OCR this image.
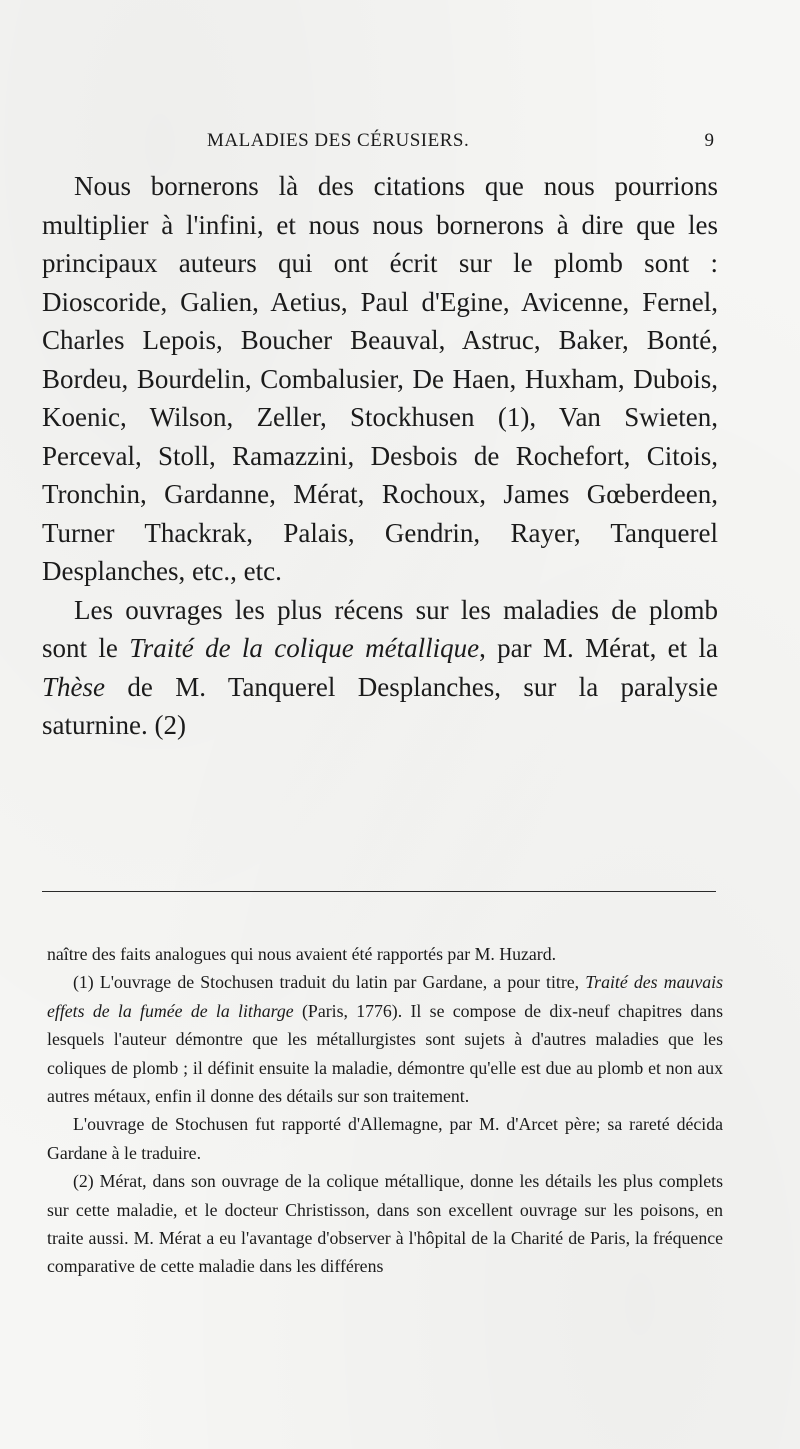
MALADIES DES CÉRUSIERS.	9

Nous bornerons là des citations que nous pourrions multiplier à l'infini, et nous nous bornerons à dire que les principaux auteurs qui ont écrit sur le plomb sont : Dioscoride, Galien, Aetius, Paul d'Egine, Avicenne, Fernel, Charles Lepois, Boucher Beauval, Astruc, Baker, Bonté, Bordeu, Bourdelin, Combalusier, De Haen, Huxham, Dubois, Koenic, Wilson, Zeller, Stockhusen (1), Van Swieten, Perceval, Stoll, Ramazzini, Desbois de Rochefort, Citois, Tronchin, Gardanne, Mérat, Rochoux, James Gœberdeen, Turner Thackrak, Palais, Gendrin, Rayer, Tanquerel Desplanches, etc., etc.

Les ouvrages les plus récens sur les maladies de plomb sont le Traité de la colique métallique, par M. Mérat, et la Thèse de M. Tanquerel Desplanches, sur la paralysie saturnine. (2)

naître des faits analogues qui nous avaient été rapportés par M. Huzard.

(1) L'ouvrage de Stochusen traduit du latin par Gardane, a pour titre, Traité des mauvais effets de la fumée de la litharge (Paris, 1776). Il se compose de dix-neuf chapitres dans lesquels l'auteur démontre que les métallurgistes sont sujets à d'autres maladies que les coliques de plomb ; il définit ensuite la maladie, démontre qu'elle est due au plomb et non aux autres métaux, enfin il donne des détails sur son traitement.

L'ouvrage de Stochusen fut rapporté d'Allemagne, par M. d'Arcet père; sa rareté décida Gardane à le traduire.

(2) Mérat, dans son ouvrage de la colique métallique, donne les détails les plus complets sur cette maladie, et le docteur Christisson, dans son excellent ouvrage sur les poisons, en traite aussi. M. Mérat a eu l'avantage d'observer à l'hôpital de la Charité de Paris, la fréquence comparative de cette maladie dans les différens
